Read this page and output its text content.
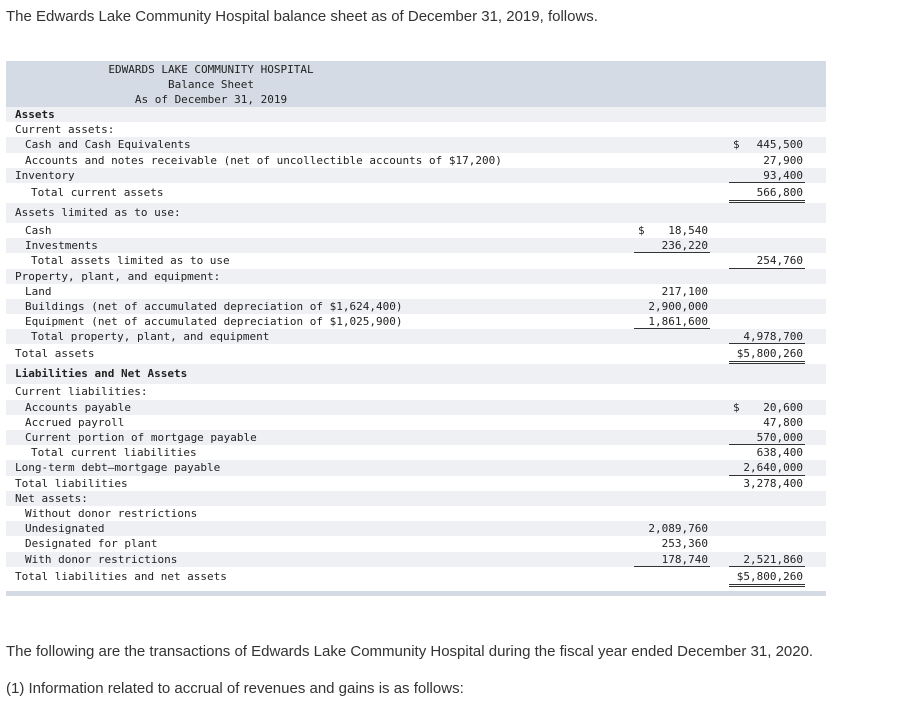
The Edwards Lake Community Hospital balance sheet as of December 31, 2019, follows.
EDWARDS LAKE COMMUNITY HOSPITAL
Balance Sheet
As of December 31, 2019
Assets
Current assets:
Cash and Cash Equivalents	$ 445,500
Accounts and notes receivable (net of uncollectible accounts of $17,200)	27,900
Inventory	93,400
Total current assets	566,800
Assets limited as to use:
Cash	$ 18,540
Investments	236,220
Total assets limited as to use	254,760
Property, plant, and equipment:
Land	217,100
Buildings (net of accumulated depreciation of $1,624,400)	2,900,000
Equipment (net of accumulated depreciation of $1,025,900)	1,861,600
Total property, plant, and equipment	4,978,700
Total assets	$5,800,260
Liabilities and Net Assets
Current liabilities:
Accounts payable	$ 20,600
Accrued payroll	47,800
Current portion of mortgage payable	570,000
Total current liabilities	638,400
Long-term debt—mortgage payable	2,640,000
Total liabilities	3,278,400
Net assets:
Without donor restrictions
Undesignated	2,089,760
Designated for plant	253,360
With donor restrictions	178,740	2,521,860
Total liabilities and net assets	$5,800,260
The following are the transactions of Edwards Lake Community Hospital during the fiscal year ended December 31, 2020.
(1) Information related to accrual of revenues and gains is as follows:
